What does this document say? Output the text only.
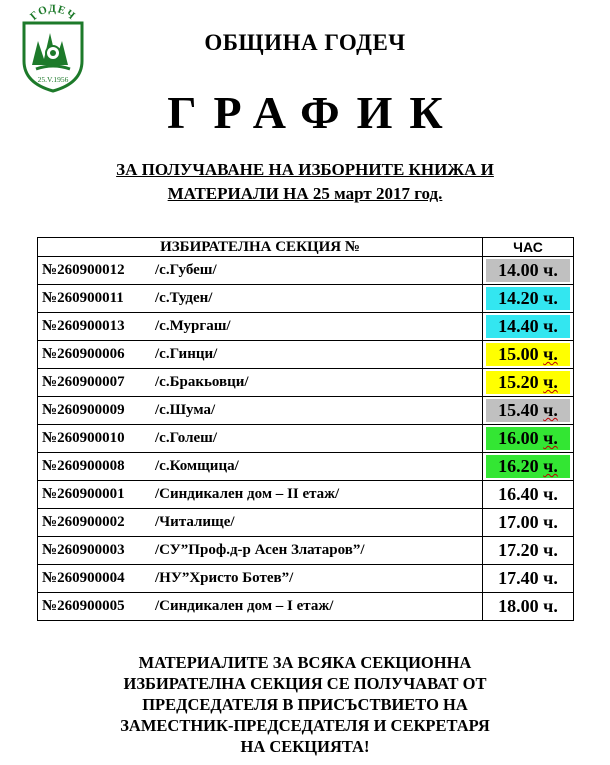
ГОДЕЧ
25.V.1956
ОБЩИНА ГОДЕЧ
ГРАФИК
ЗА ПОЛУЧАВАНЕ НА ИЗБОРНИТЕ КНИЖА И
МАТЕРИАЛИ НА 25 март 2017 год.
ИЗБИРАТЕЛНА СЕКЦИЯ №	ЧАС
№260900012 /с.Губеш/	14.00 ч.

№260900011 /с.Туден/	14.20 ч.

№260900013 /с.Мургаш/	14.40 ч.

№260900006 /с.Гинци/	15.00 ч.

№260900007 /с.Бракьовци/	15.20 ч.

№260900009 /с.Шума/	15.40 ч.

№260900010 /с.Голеш/	16.00 ч.

№260900008 /с.Комщица/	16.20 ч.

№260900001 /Синдикален дом – II етаж/	16.40 ч.

№260900002 /Читалище/	17.00 ч.

№260900003 /СУ”Проф.д-р Асен Златаров”/	17.20 ч.

№260900004 /НУ”Христо Ботев”/	17.40 ч.

№260900005 /Синдикален дом – I етаж/	18.00 ч.
МАТЕРИАЛИТЕ ЗА ВСЯКА СЕКЦИОННА
ИЗБИРАТЕЛНА СЕКЦИЯ СЕ ПОЛУЧАВАТ ОТ
ПРЕДСЕДАТЕЛЯ В ПРИСЪСТВИЕТО НА
ЗАМЕСТНИК-ПРЕДСЕДАТЕЛЯ И СЕКРЕТАРЯ
НА СЕКЦИЯТА!
